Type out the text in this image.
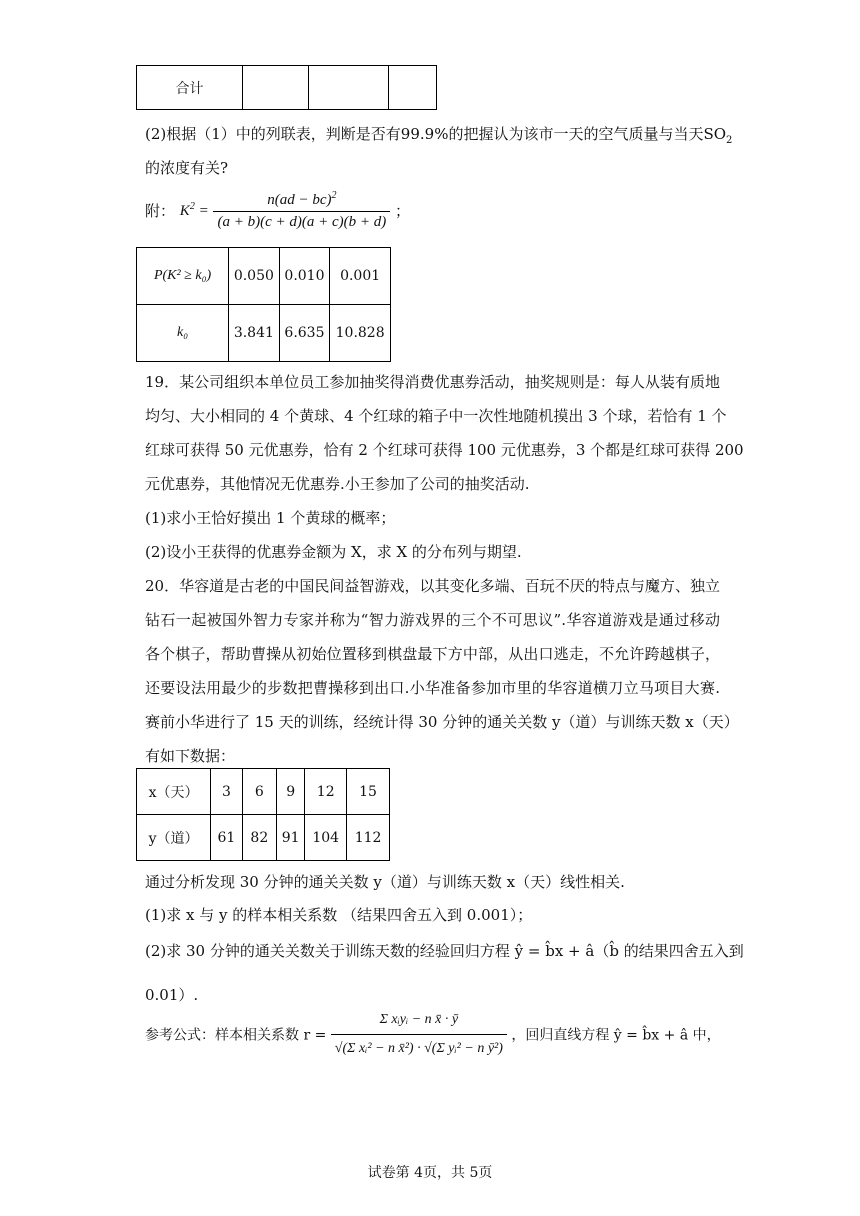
合计			
(2)根据（1）中的列联表，判断是否有99.9%的把握认为该市一天的空气质量与当天$SO_2$
的浓度有关?
附： $K^2 = \frac{n(ad - bc)^2}{(a + b)(c + d)(a + c)(b + d)}$ ；
P(K² ≥ k₀)	0.050	0.010	0.001
k₀	3.841	6.635	10.828
19．某公司组织本单位员工参加抽奖得消费优惠券活动，抽奖规则是：每人从装有质地
均匀、大小相同的 4 个黄球、4 个红球的箱子中一次性地随机摸出 3 个球，若恰有 1 个
红球可获得 50 元优惠券，恰有 2 个红球可获得 100 元优惠券，3 个都是红球可获得 200
元优惠券，其他情况无优惠券.小王参加了公司的抽奖活动.
(1)求小王恰好摸出 1 个黄球的概率；
(2)设小王获得的优惠券金额为 X，求 X 的分布列与期望.
20．华容道是古老的中国民间益智游戏，以其变化多端、百玩不厌的特点与魔方、独立
钻石一起被国外智力专家并称为“智力游戏界的三个不可思议”.华容道游戏是通过移动
各个棋子，帮助曹操从初始位置移到棋盘最下方中部，从出口逃走，不允许跨越棋子，
还要设法用最少的步数把曹操移到出口.小华准备参加市里的华容道横刀立马项目大赛.
赛前小华进行了 15 天的训练，经统计得 30 分钟的通关关数 y（道）与训练天数 x（天）
有如下数据：
x（天）	3	6	9	12	15
y（道）	61	82	91	104	112
通过分析发现 30 分钟的通关关数 y（道）与训练天数 x（天）线性相关.
(1)求 x 与 y 的样本相关系数 （结果四舍五入到 0.001）；
(2)求 30 分钟的通关关数关于训练天数的经验回归方程 ŷ = b̂x + â（b̂ 的结果四舍五入到
0.01）.
参考公式：样本相关系数 $r = \frac{\text{Σ xᵢyᵢ − n x̄ · ȳ}}{\text{√(Σ xᵢ² − n x̄²) · √(Σ yᵢ² − n ȳ²)}}$ ，回归直线方程 ŷ = b̂x + â 中，
试卷第 4页，共 5页
